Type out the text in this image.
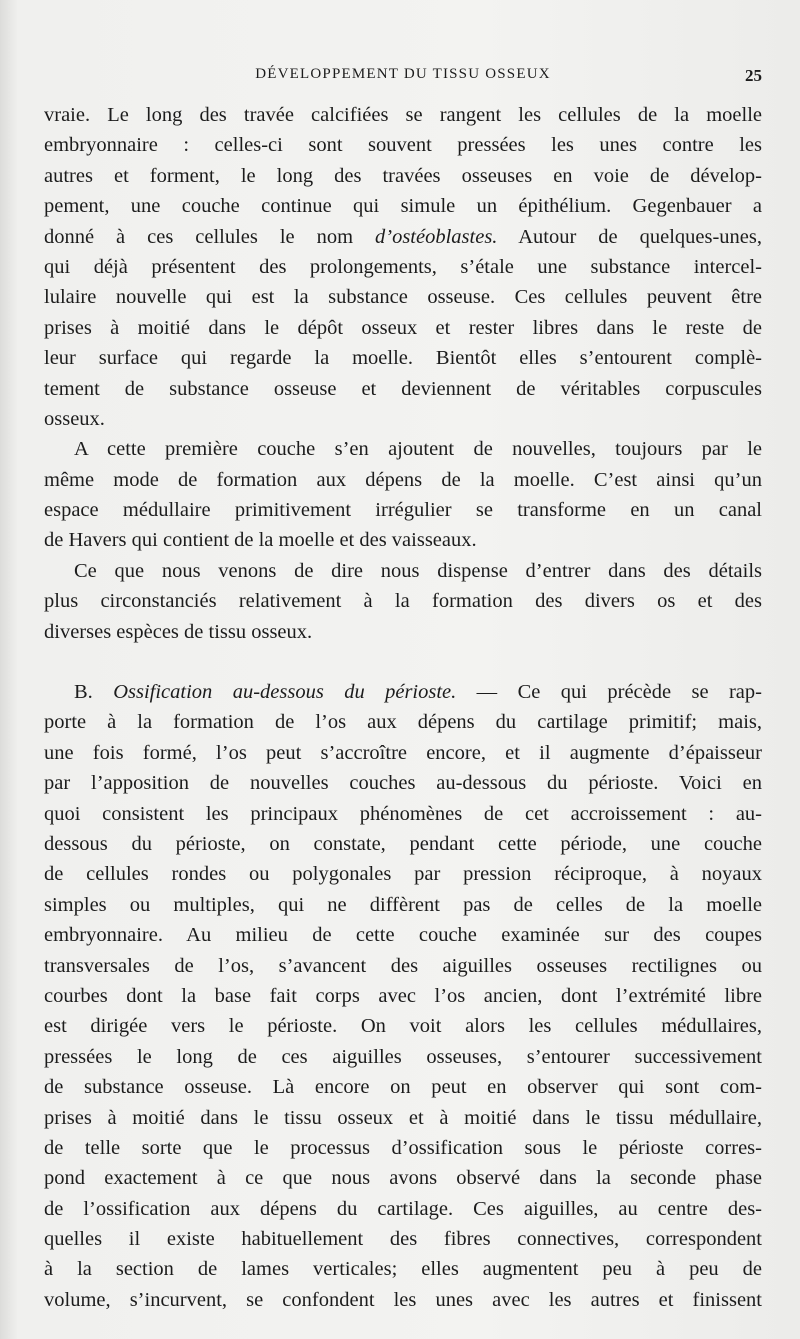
DÉVELOPPEMENT DU TISSU OSSEUX	25
vraie. Le long des travée calcifiées se rangent les cellules de la moelle
embryonnaire : celles-ci sont souvent pressées les unes contre les
autres et forment, le long des travées osseuses en voie de dévelop-
pement, une couche continue qui simule un épithélium. Gegenbauer a
donné à ces cellules le nom d’ostéoblastes. Autour de quelques-unes,
qui déjà présentent des prolongements, s’étale une substance intercel-
lulaire nouvelle qui est la substance osseuse. Ces cellules peuvent être
prises à moitié dans le dépôt osseux et rester libres dans le reste de
leur surface qui regarde la moelle. Bientôt elles s’entourent complè-
tement de substance osseuse et deviennent de véritables corpuscules
osseux.
A cette première couche s’en ajoutent de nouvelles, toujours par le
même mode de formation aux dépens de la moelle. C’est ainsi qu’un
espace médullaire primitivement irrégulier se transforme en un canal
de Havers qui contient de la moelle et des vaisseaux.
Ce que nous venons de dire nous dispense d’entrer dans des détails
plus circonstanciés relativement à la formation des divers os et des
diverses espèces de tissu osseux.
B. Ossification au-dessous du périoste. — Ce qui précède se rap-
porte à la formation de l’os aux dépens du cartilage primitif; mais,
une fois formé, l’os peut s’accroître encore, et il augmente d’épaisseur
par l’apposition de nouvelles couches au-dessous du périoste. Voici en
quoi consistent les principaux phénomènes de cet accroissement : au-
dessous du périoste, on constate, pendant cette période, une couche
de cellules rondes ou polygonales par pression réciproque, à noyaux
simples ou multiples, qui ne diffèrent pas de celles de la moelle
embryonnaire. Au milieu de cette couche examinée sur des coupes
transversales de l’os, s’avancent des aiguilles osseuses rectilignes ou
courbes dont la base fait corps avec l’os ancien, dont l’extrémité libre
est dirigée vers le périoste. On voit alors les cellules médullaires,
pressées le long de ces aiguilles osseuses, s’entourer successivement
de substance osseuse. Là encore on peut en observer qui sont com-
prises à moitié dans le tissu osseux et à moitié dans le tissu médullaire,
de telle sorte que le processus d’ossification sous le périoste corres-
pond exactement à ce que nous avons observé dans la seconde phase
de l’ossification aux dépens du cartilage. Ces aiguilles, au centre des-
quelles il existe habituellement des fibres connectives, correspondent
à la section de lames verticales; elles augmentent peu à peu de
volume, s’incurvent, se confondent les unes avec les autres et finissent
